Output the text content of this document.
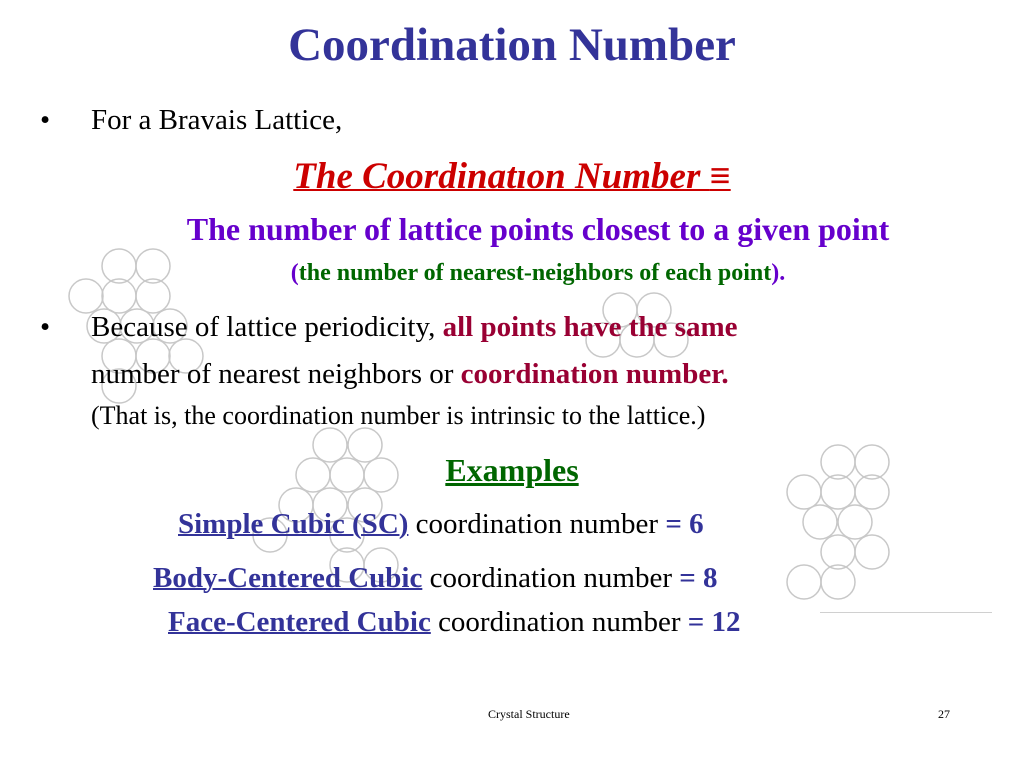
Coordination Number
• For a Bravais Lattice,
The Coordinatıon Number ≡
The number of lattice points closest to a given point
(the number of nearest-neighbors of each point).
• Because of lattice periodicity, all points have the same
number of nearest neighbors or coordination number.
(That is, the coordination number is intrinsic to the lattice.)
Examples
Simple Cubic (SC) coordination number = 6
Body-Centered Cubic coordination number = 8
Face-Centered Cubic coordination number = 12
Crystal Structure	27
